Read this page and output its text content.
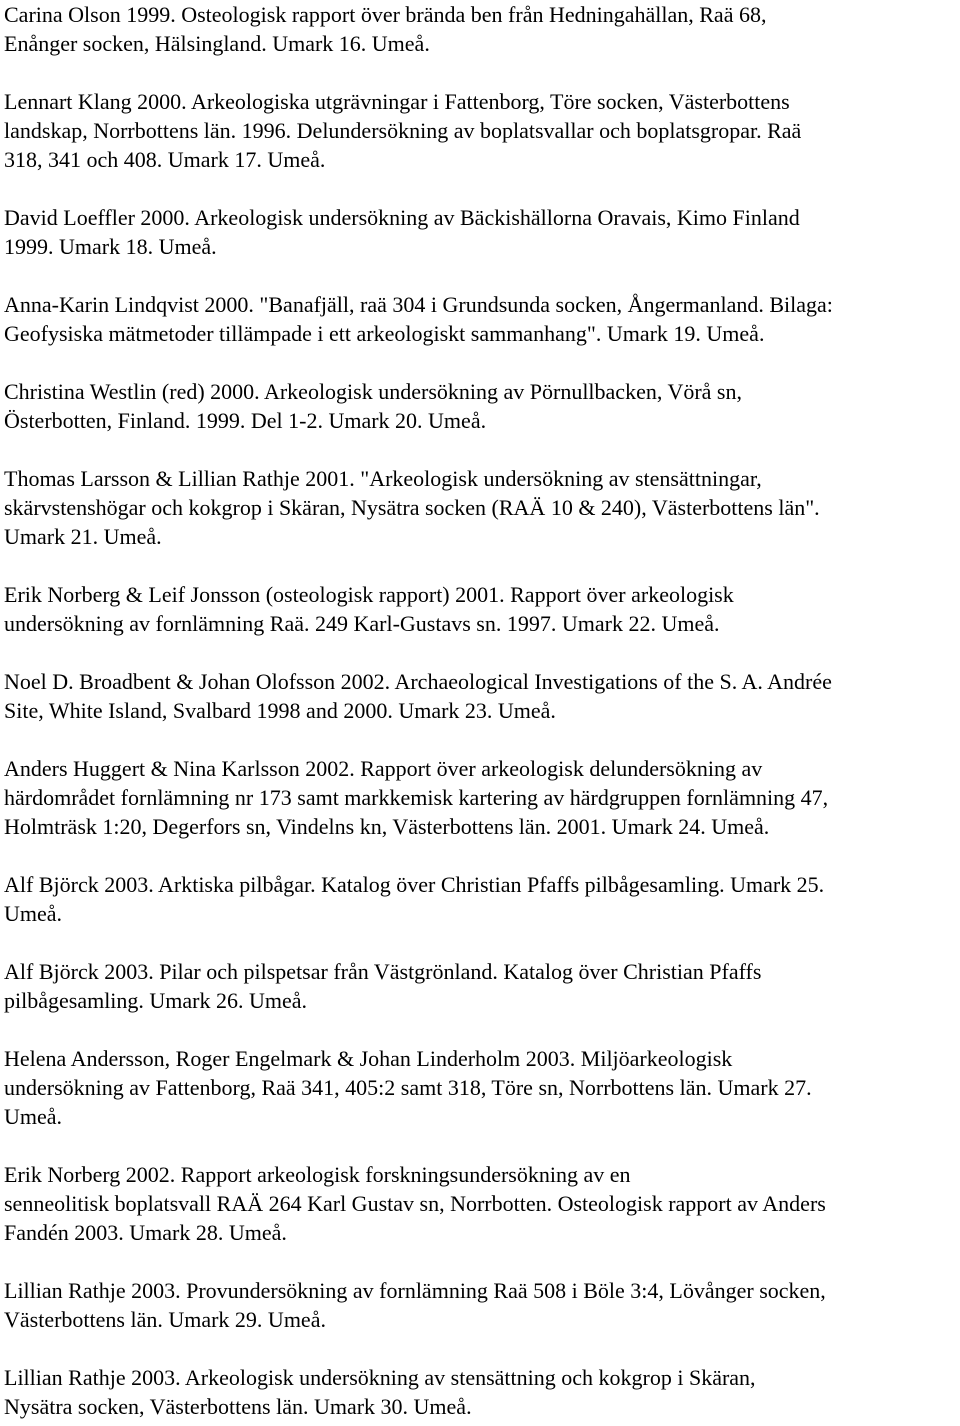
Carina Olson 1999. Osteologisk rapport över brända ben från Hedningahällan, Raä 68,
Enånger socken, Hälsingland. Umark 16. Umeå.

Lennart Klang 2000. Arkeologiska utgrävningar i Fattenborg, Töre socken, Västerbottens
landskap, Norrbottens län. 1996. Delundersökning av boplatsvallar och boplatsgropar. Raä
318, 341 och 408. Umark 17. Umeå.

David Loeffler 2000. Arkeologisk undersökning av Bäckishällorna Oravais, Kimo Finland
1999. Umark 18. Umeå.

Anna-Karin Lindqvist 2000. "Banafjäll, raä 304 i Grundsunda socken, Ångermanland. Bilaga:
Geofysiska mätmetoder tillämpade i ett arkeologiskt sammanhang". Umark 19. Umeå.

Christina Westlin (red) 2000. Arkeologisk undersökning av Pörnullbacken, Vörå sn,
Österbotten, Finland. 1999. Del 1-2. Umark 20. Umeå.

Thomas Larsson & Lillian Rathje 2001. "Arkeologisk undersökning av stensättningar,
skärvstenshögar och kokgrop i Skäran, Nysätra socken (RAÄ 10 & 240), Västerbottens län".
Umark 21. Umeå.

Erik Norberg & Leif Jonsson (osteologisk rapport) 2001. Rapport över arkeologisk
undersökning av fornlämning Raä. 249 Karl-Gustavs sn. 1997. Umark 22. Umeå.

Noel D. Broadbent & Johan Olofsson 2002. Archaeological Investigations of the S. A. Andrée
Site, White Island, Svalbard 1998 and 2000. Umark 23. Umeå.

Anders Huggert & Nina Karlsson 2002. Rapport över arkeologisk delundersökning av
härdområdet fornlämning nr 173 samt markkemisk kartering av härdgruppen fornlämning 47,
Holmträsk 1:20, Degerfors sn, Vindelns kn, Västerbottens län. 2001. Umark 24. Umeå.

Alf Björck 2003. Arktiska pilbågar. Katalog över Christian Pfaffs pilbågesamling. Umark 25.
Umeå.

Alf Björck 2003. Pilar och pilspetsar från Västgrönland. Katalog över Christian Pfaffs
pilbågesamling. Umark 26. Umeå.

Helena Andersson, Roger Engelmark & Johan Linderholm 2003. Miljöarkeologisk
undersökning av Fattenborg, Raä 341, 405:2 samt 318, Töre sn, Norrbottens län. Umark 27.
Umeå.

Erik Norberg 2002. Rapport arkeologisk forskningsundersökning av en
senneolitisk boplatsvall RAÄ 264 Karl Gustav sn, Norrbotten. Osteologisk rapport av Anders
Fandén 2003. Umark 28. Umeå.

Lillian Rathje 2003. Provundersökning av fornlämning Raä 508 i Böle 3:4, Lövånger socken,
Västerbottens län. Umark 29. Umeå.

Lillian Rathje 2003. Arkeologisk undersökning av stensättning och kokgrop i Skäran,
Nysätra socken, Västerbottens län. Umark 30. Umeå.
